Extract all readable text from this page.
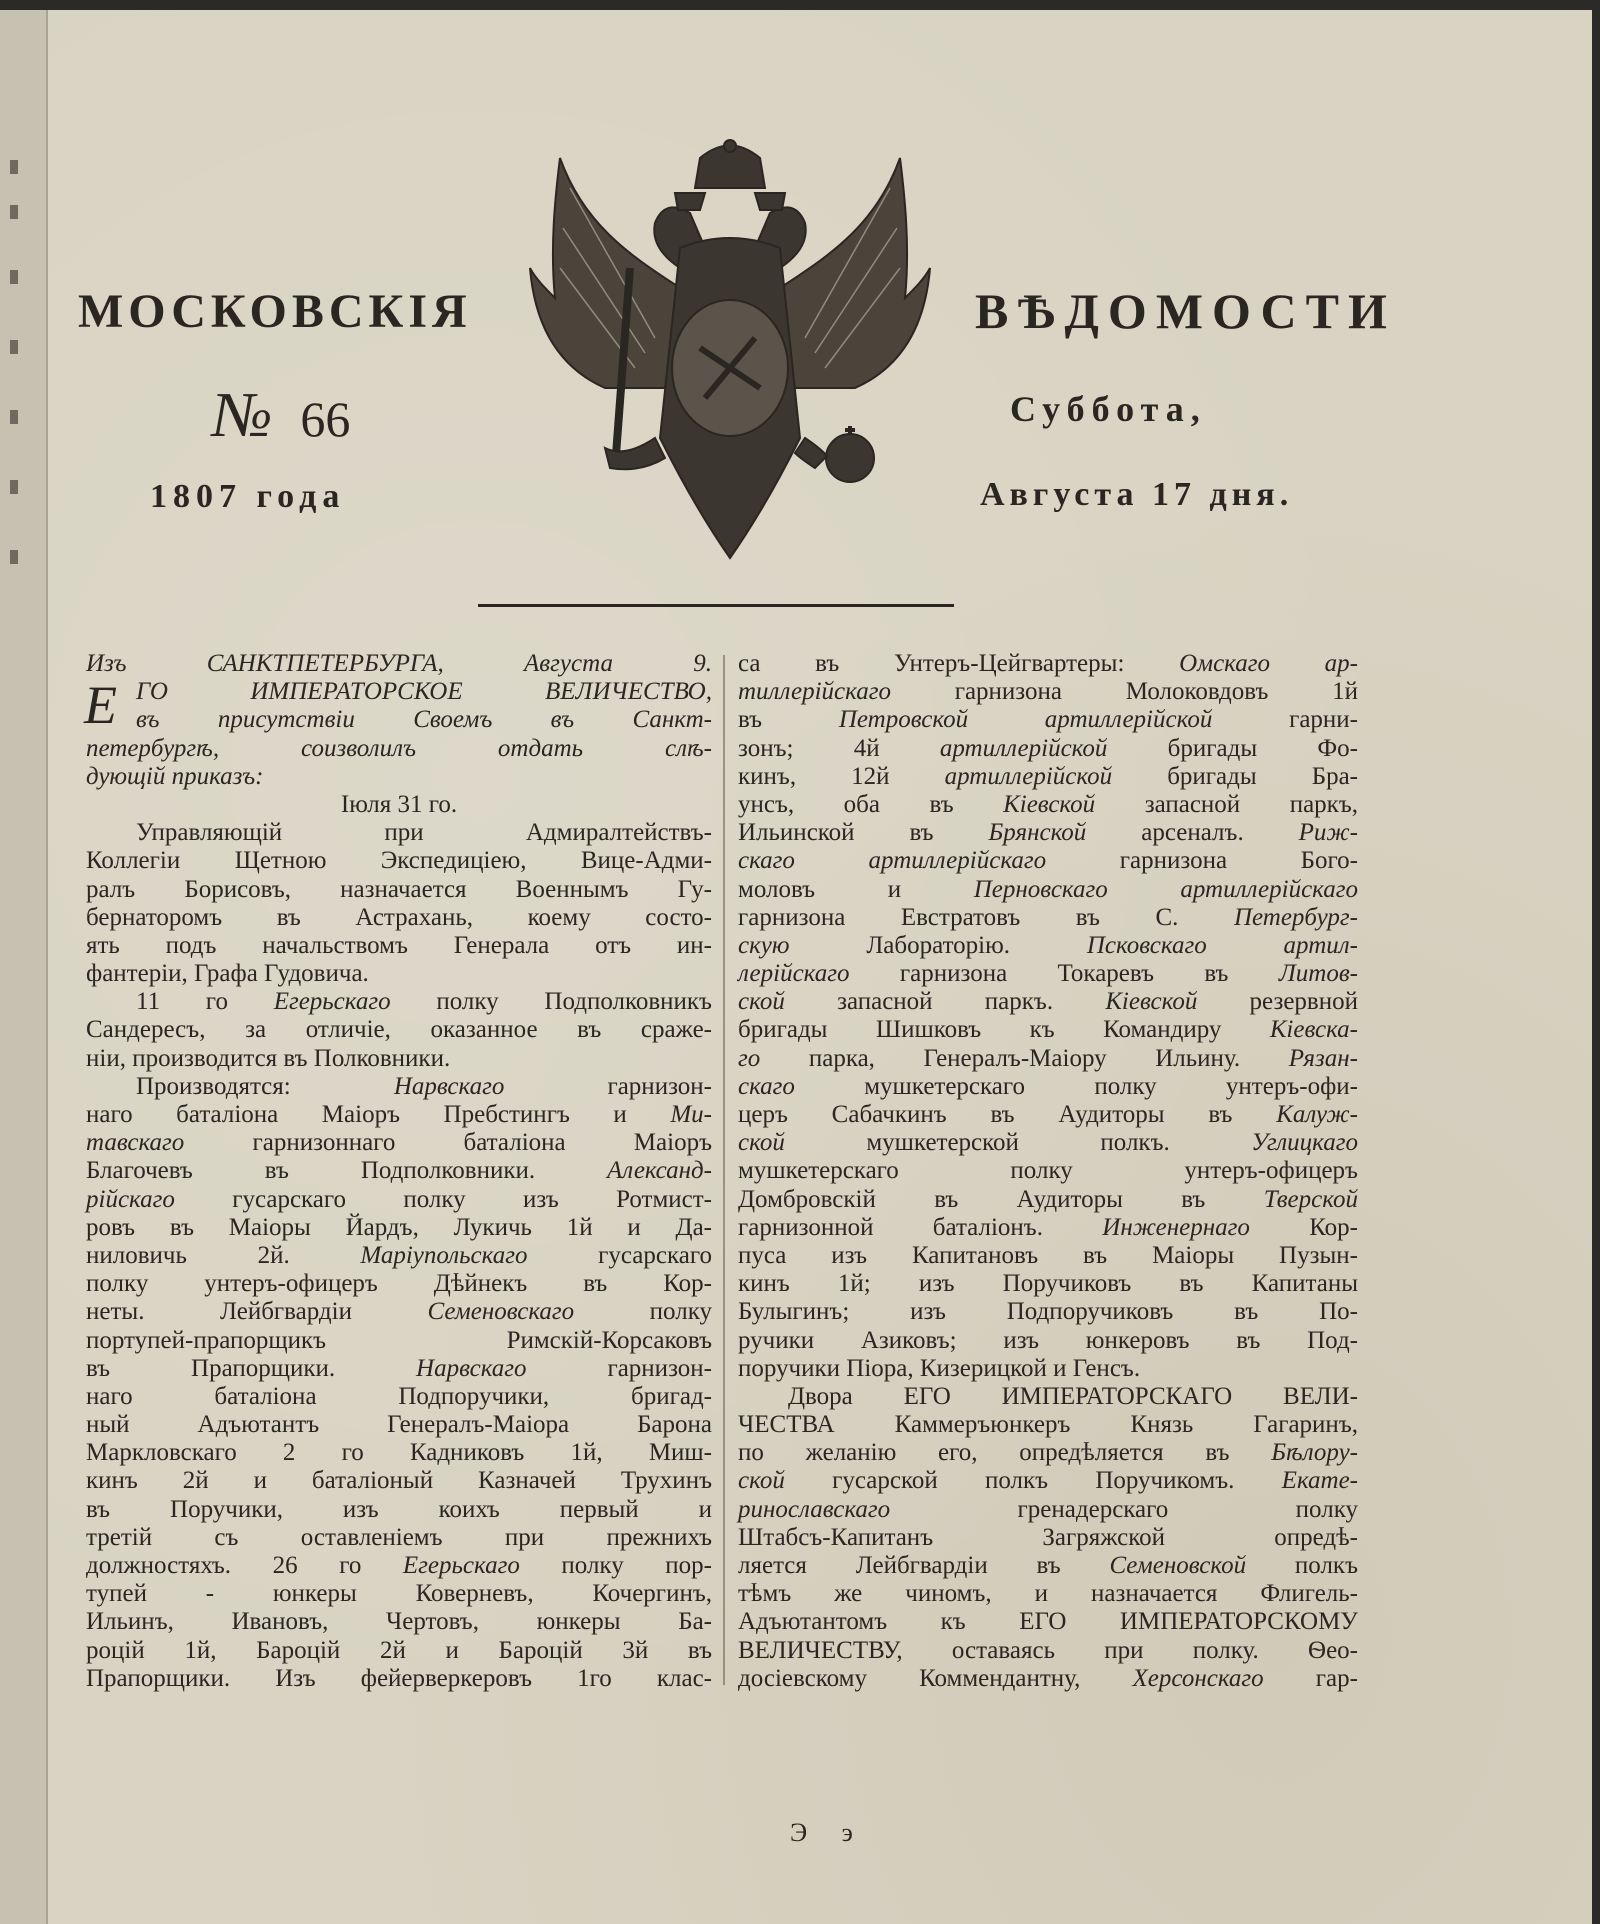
МОСКОВСКІЯ	ВѢДОМОСТИ
№ 66	Суббота,
1807 года	Августа 17 дня.
Изъ САНКТПЕТЕРБУРГА, Августа 9.
Е ГО ИМПЕРАТОРСКОЕ ВЕЛИЧЕСТВО,
въ присутствіи Своемъ въ Санкт-
петербургѣ, соизволилъ отдать слѣ-
дующій приказъ:
Іюля 31 го.
Управляющій при Адмиралтействъ-
Коллегіи Щетною Экспедиціею, Вице-Адми-
ралъ Борисовъ, назначается Военнымъ Гу-
бернаторомъ въ Астрахань, коему состо-
ять подъ начальствомъ Генерала отъ ин-
фантеріи, Графа Гудовича.
11 го Егерьскаго полку Подполковникъ
Сандересъ, за отличіе, оказанное въ сраже-
ніи, производится въ Полковники.
Производятся: Нарвскаго гарнизон-
наго баталіона Маіоръ Пребстингъ и Ми-
тавскаго гарнизоннаго баталіона Маіоръ
Благочевъ въ Подполковники. Александ-
рійскаго гусарскаго полку изъ Ротмист-
ровъ въ Маіоры Йардъ, Лукичь 1й и Да-
ниловичь 2й. Маріупольскаго гусарскаго
полку унтеръ-офицеръ Дѣйнекъ въ Кор-
неты. Лейбгвардіи Семеновскаго полку
портупей-прапорщикъ Римскій-Корсаковъ
въ Прапорщики. Нарвскаго гарнизон-
наго баталіона Подпоручики, бригад-
ный Адъютантъ Генералъ-Маіора Барона
Маркловскаго 2 го Кадниковъ 1й, Миш-
кинъ 2й и баталіоный Казначей Трухинъ
въ Поручики, изъ коихъ первый и
третій съ оставленіемъ при прежнихъ
должностяхъ. 26 го Егерьскаго полку пор-
тупей - юнкеры Коверневъ, Кочергинъ,
Ильинъ, Ивановъ, Чертовъ, юнкеры Ба-
роцій 1й, Бароцій 2й и Бароцій 3й въ
Прапорщики. Изъ фейерверкеровъ 1го клас-
са въ Унтеръ-Цейгвартеры: Омскаго ар-
тиллерійскаго гарнизона Молоковдовъ 1й
въ Петровской артиллерійской гарни-
зонъ; 4й артиллерійской бригады Фо-
кинъ, 12й артиллерійской бригады Бра-
унсъ, оба въ Кіевской запасной паркъ,
Ильинской въ Брянской арсеналъ. Риж-
скаго артиллерійскаго гарнизона Бого-
моловъ и Перновскаго артиллерійскаго
гарнизона Евстратовъ въ С. Петербург-
скую Лабораторію. Псковскаго артил-
лерійскаго гарнизона Токаревъ въ Литов-
ской запасной паркъ. Кіевской резервной
бригады Шишковъ къ Командиру Кіевска-
го парка, Генералъ-Маіору Ильину. Рязан-
скаго мушкетерскаго полку унтеръ-офи-
церъ Сабачкинъ въ Аудиторы въ Калуж-
ской мушкетерской полкъ. Углицкаго
мушкетерскаго полку унтеръ-офицеръ
Домбровскій въ Аудиторы въ Тверской
гарнизонной баталіонъ. Инженернаго Кор-
пуса изъ Капитановъ въ Маіоры Пузын-
кинъ 1й; изъ Поручиковъ въ Капитаны
Булыгинъ; изъ Подпоручиковъ въ По-
ручики Азиковъ; изъ юнкеровъ въ Под-
поручики Піора, Кизерицкой и Генсъ.
Двора ЕГО ИМПЕРАТОРСКАГО ВЕЛИ-
ЧЕСТВА Каммеръюнкеръ Князь Гагаринъ,
по желанію его, опредѣляется въ Бѣлору-
ской гусарской полкъ Поручикомъ. Екате-
ринославскаго гренадерскаго полку
Штабсъ-Капитанъ Загряжской опредѣ-
ляется Лейбгвардіи въ Семеновской полкъ
тѣмъ же чиномъ, и назначается Флигель-
Адъютантомъ къ ЕГО ИМПЕРАТОРСКОМУ
ВЕЛИЧЕСТВУ, оставаясь при полку. Ѳео-
досіевскому Коммендантну, Херсонскаго гар-
Э э
